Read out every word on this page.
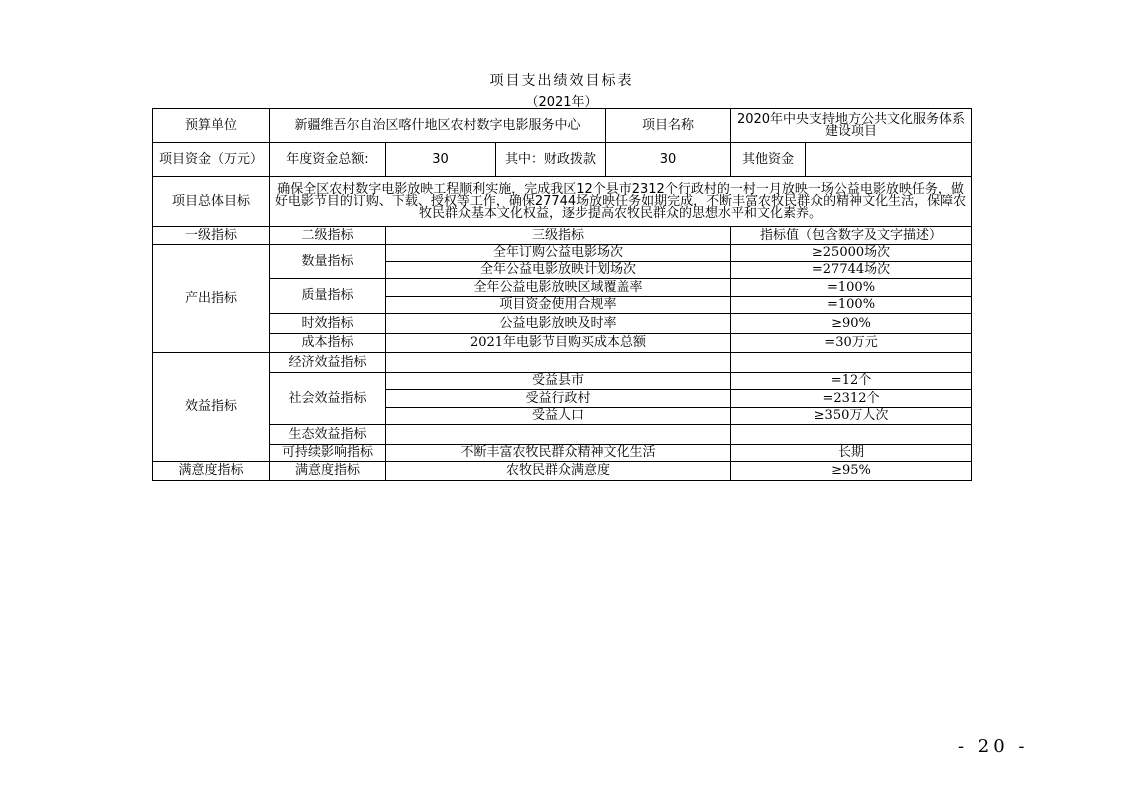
项目支出绩效目标表
（2021年）
预算单位	新疆维吾尔自治区喀什地区农村数字电影服务中心			项目名称	2020年中央支持地方公共文化服务体系建设项目	
项目资金（万元）	年度资金总额:	30	其中：财政拨款	30	其他资金	
项目总体目标	确保全区农村数字电影放映工程顺利实施，完成我区12个县市2312个行政村的一村一月放映一场公益电影放映任务，做好电影节目的订购、下载、授权等工作，确保27744场放映任务如期完成，不断丰富农牧民群众的精神文化生活，保障农牧民群众基本文化权益，逐步提高农牧民群众的思想水平和文化素养。					
一级指标	二级指标	三级指标			指标值（包含数字及文字描述）	
产出指标	数量指标	全年订购公益电影场次			≥25000场次	
		全年公益电影放映计划场次			=27744场次	
	质量指标	全年公益电影放映区域覆盖率			=100%	
		项目资金使用合规率			=100%	
	时效指标	公益电影放映及时率			≥90%	
	成本指标	2021年电影节目购买成本总额			=30万元	
效益指标	经济效益指标					
	社会效益指标	受益县市			=12个	
		受益行政村			=2312个	
		受益人口			≥350万人次	
	生态效益指标					
	可持续影响指标	不断丰富农牧民群众精神文化生活			长期	

满意度指标	满意度指标	农牧民群众满意度			≥95%	
- 20 -
